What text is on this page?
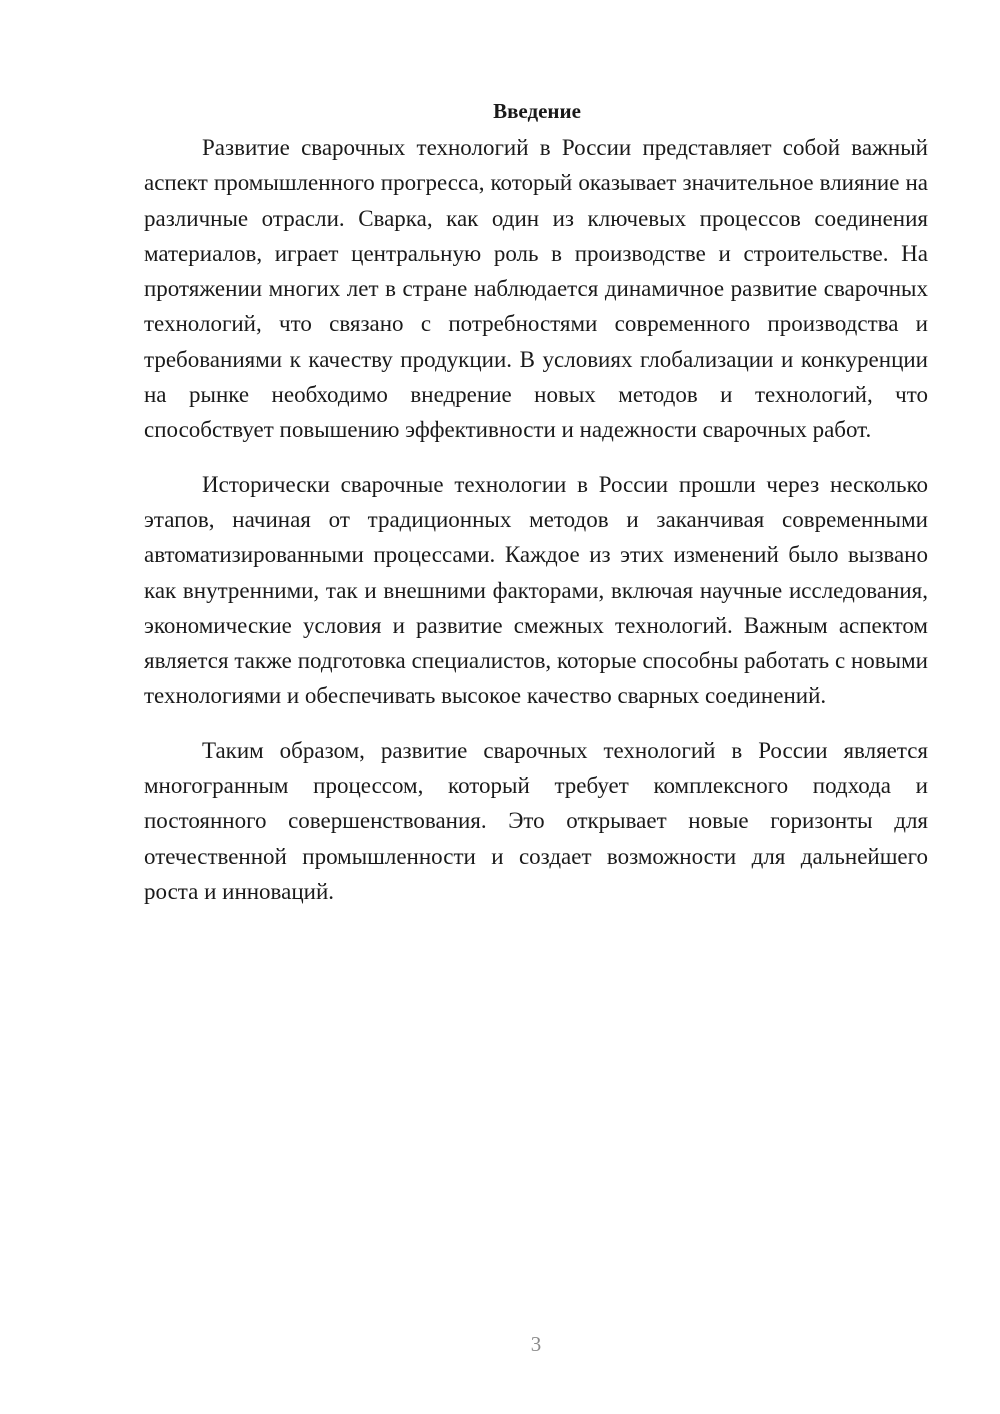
Введение

Развитие сварочных технологий в России представляет собой важный аспект промышленного прогресса, который оказывает значительное влияние на различные отрасли. Сварка, как один из ключевых процессов соединения материалов, играет центральную роль в производстве и строительстве. На протяжении многих лет в стране наблюдается динамичное развитие сварочных технологий, что связано с потребностями современного производства и требованиями к качеству продукции. В условиях глобализации и конкуренции на рынке необходимо внедрение новых методов и технологий, что способствует повышению эффективности и надежности сварочных работ.

Исторически сварочные технологии в России прошли через несколько этапов, начиная от традиционных методов и заканчивая современными автоматизированными процессами. Каждое из этих изменений было вызвано как внутренними, так и внешними факторами, включая научные исследования, экономические условия и развитие смежных технологий. Важным аспектом является также подготовка специалистов, которые способны работать с новыми технологиями и обеспечивать высокое качество сварных соединений.

Таким образом, развитие сварочных технологий в России является многогранным процессом, который требует комплексного подхода и постоянного совершенствования. Это открывает новые горизонты для отечественной промышленности и создает возможности для дальнейшего роста и инноваций.

3
